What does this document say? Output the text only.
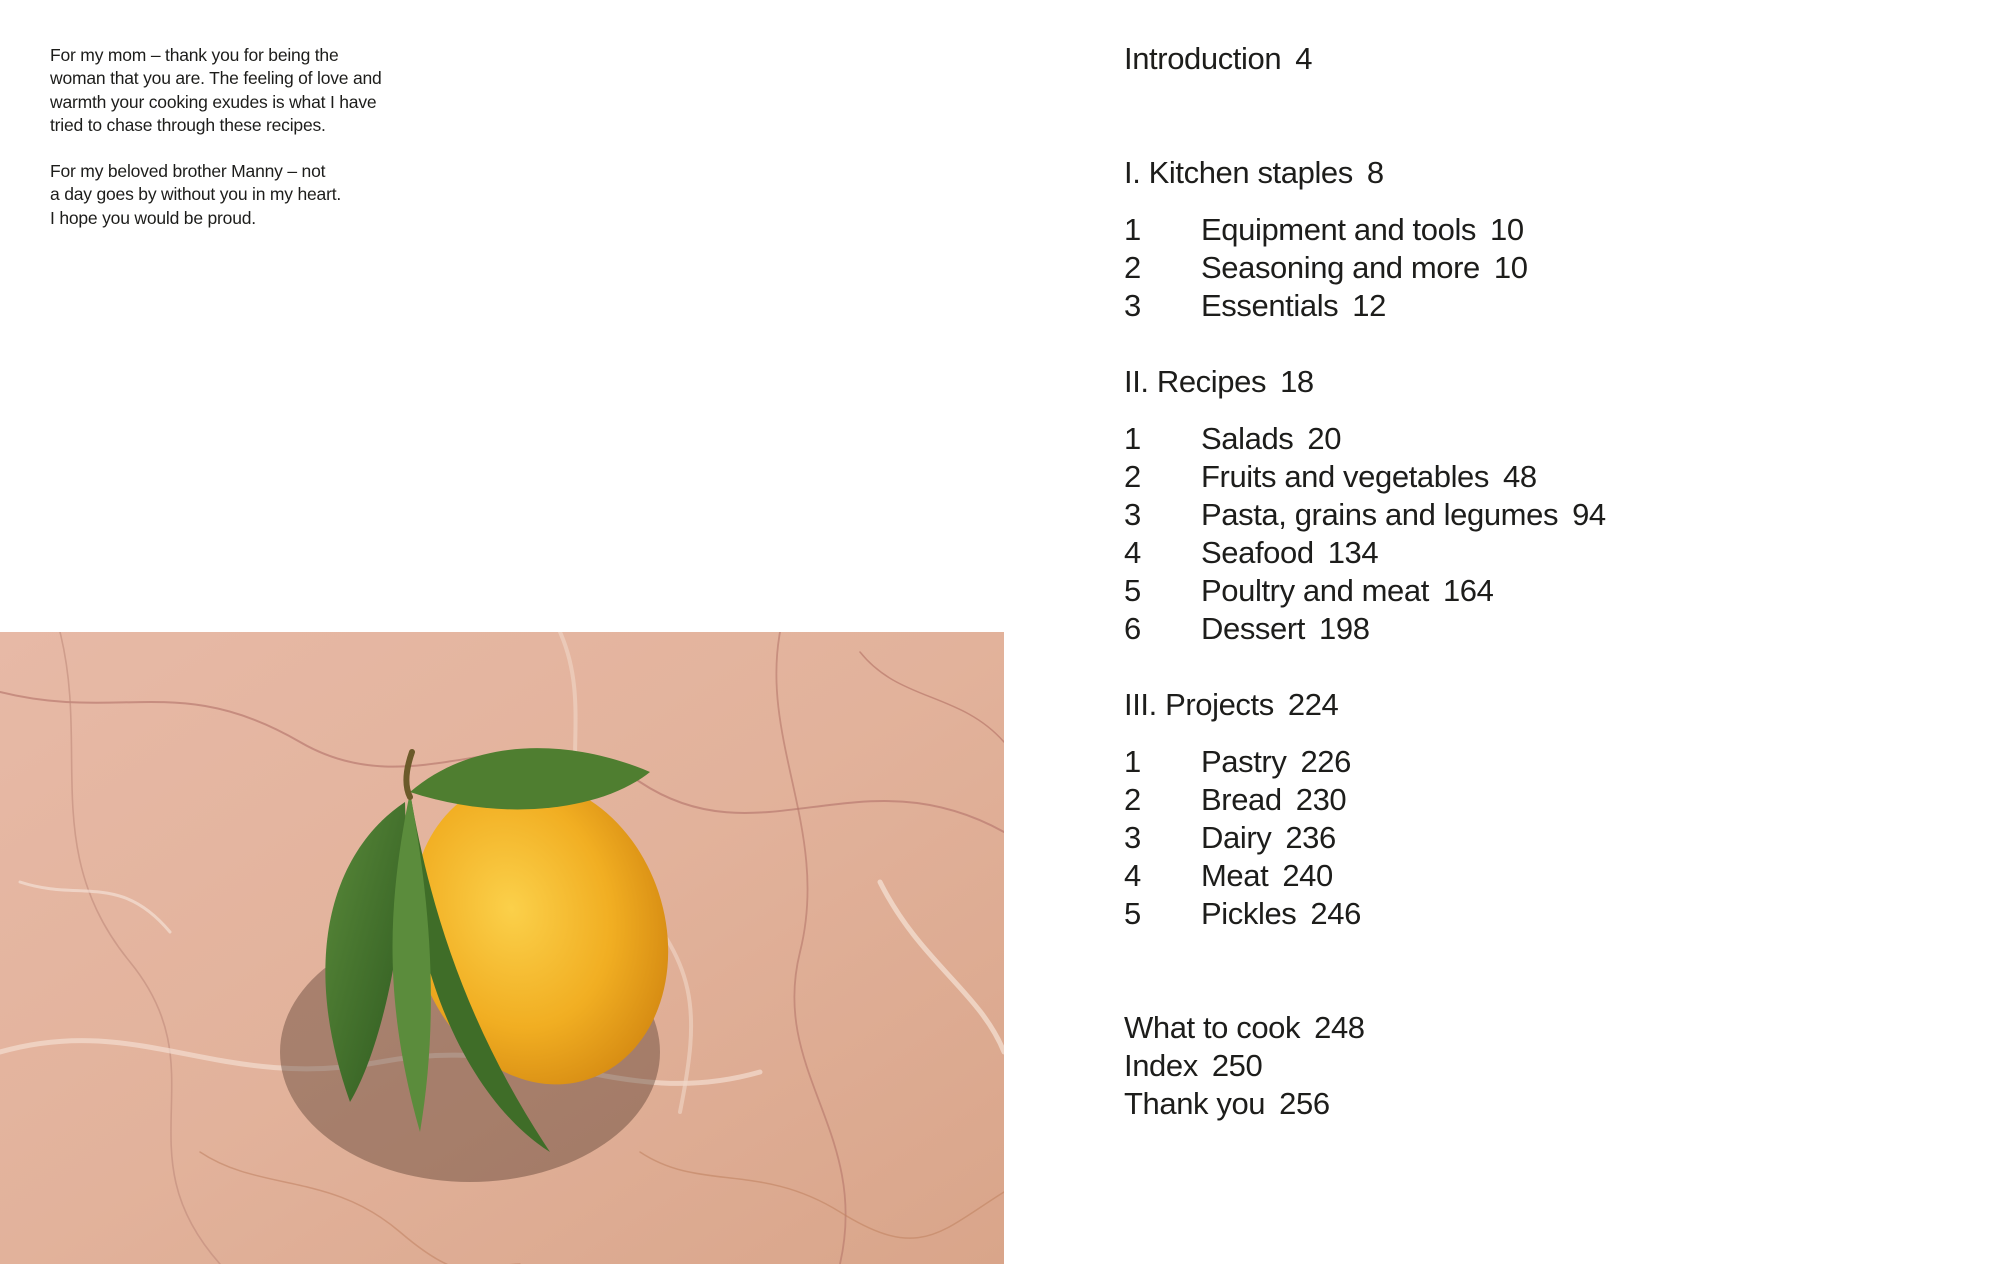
For my mom – thank you for being the
woman that you are. The feeling of love and
warmth your cooking exudes is what I have
tried to chase through these recipes.

For my beloved brother Manny – not
a day goes by without you in my heart.
I hope you would be proud.

Introduction 4
I. Kitchen staples 8
1 Equipment and tools 10
2 Seasoning and more 10
3 Essentials 12
II. Recipes 18
1 Salads 20
2 Fruits and vegetables 48
3 Pasta, grains and legumes 94
4 Seafood 134
5 Poultry and meat 164
6 Dessert 198
III. Projects 224
1 Pastry 226
2 Bread 230
3 Dairy 236
4 Meat 240
5 Pickles 246
What to cook 248
Index 250
Thank you 256
